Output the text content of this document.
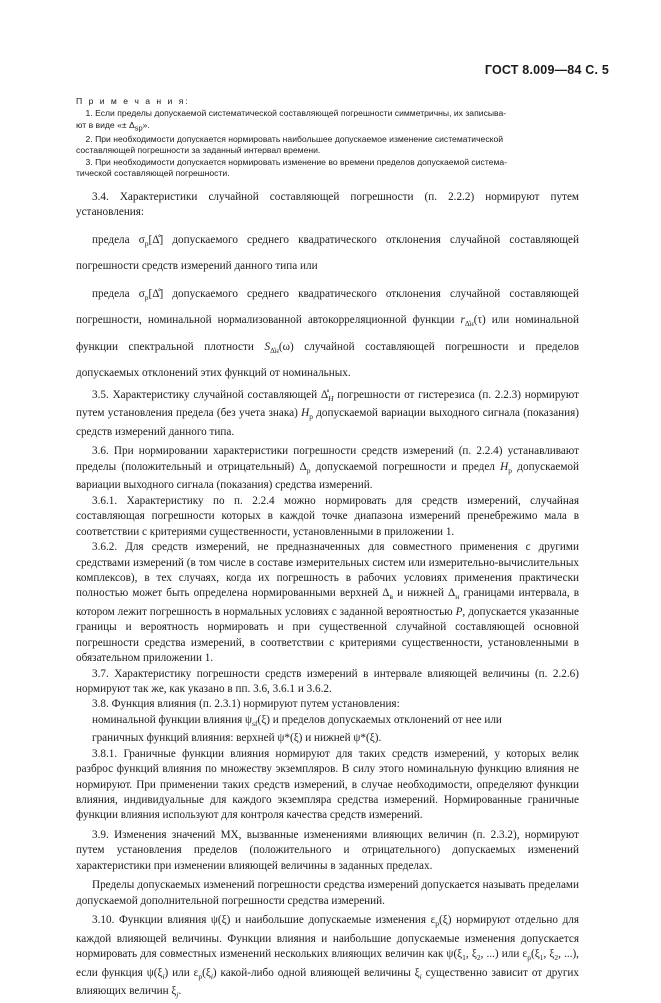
ГОСТ 8.009—84 С. 5

П р и м е ч а н и я:

1. Если пределы допускаемой систематической составляющей погрешности симметричны, их записыва-
ют в виде «± $\Delta_{sp}$».

2. При необходимости допускается нормировать наибольшее допускаемое изменение систематической
составляющей погрешности за заданный интервал времени.

3. При необходимости допускается нормировать изменение во времени пределов допускаемой система-
тической составляющей погрешности.

3.4. Характеристики случайной составляющей погрешности (п. 2.2.2) нормируют путем установления:

предела $\sigma_р[\Deltå]$ допускаемого среднего квадратического отклонения случайной составляющей погрешности средств измерений данного типа или

предела $\sigma_р[\Deltå]$ допускаемого среднего квадратического отклонения случайной составляющей погрешности, номинальной нормализованной автокорреляционной функции $r_{\Deltåн}(\tau)$ или номинальной функции спектральной плотности $S_{\Deltåн}(\omega)$ случайной составляющей погрешности и пределов допускаемых отклонений этих функций от номинальных.

3.5. Характеристику случайной составляющей $\Deltå_H$ погрешности от гистерезиса (п. 2.2.3) нормируют путем установления предела (без учета знака) $H_р$ допускаемой вариации выходного сигнала (показания) средств измерений данного типа.

3.6. При нормировании характеристики погрешности средств измерений (п. 2.2.4) устанавливают пределы (положительный и отрицательный) $\Delta_р$ допускаемой погрешности и предел $H_р$ допускаемой вариации выходного сигнала (показания) средства измерений.

3.6.1. Характеристику по п. 2.2.4 можно нормировать для средств измерений, случайная составляющая погрешности которых в каждой точке диапазона измерений пренебрежимо мала в соответствии с критериями существенности, установленными в приложении 1.

3.6.2. Для средств измерений, не предназначенных для совместного применения с другими средствами измерений (в том числе в составе измерительных систем или измерительно-вычислительных комплексов), в тех случаях, когда их погрешность в рабочих условиях применения практически полностью может быть определена нормированными верхней $\Delta_в$ и нижней $\Delta_н$ границами интервала, в котором лежит погрешность в нормальных условиях с заданной вероятностью P, допускается указанные границы и вероятность нормировать и при существенной случайной составляющей основной погрешности средства измерений, в соответствии с критериями существенности, установленными в обязательном приложении 1.

3.7. Характеристику погрешности средств измерений в интервале влияющей величины (п. 2.2.6) нормируют так же, как указано в пп. 3.6, 3.6.1 и 3.6.2.

3.8. Функция влияния (п. 2.3.1) нормируют путем установления:

номинальной функции влияния $\psi_{sf}(\xi)$ и пределов допускаемых отклонений от нее или

граничных функций влияния: верхней ψ*(ξ) и нижней ψ*(ξ).

3.8.1. Граничные функции влияния нормируют для таких средств измерений, у которых велик разброс функций влияния по множеству экземпляров. В силу этого номинальную функцию влияния не нормируют. При применении таких средств измерений, в случае необходимости, определяют функции влияния, индивидуальные для каждого экземпляра средства измерений. Нормированные граничные функции влияния используют для контроля качества средств измерений.

3.9. Изменения значений МХ, вызванные изменениями влияющих величин (п. 2.3.2), нормируют путем установления пределов (положительного и отрицательного) допускаемых изменений характеристики при изменении влияющей величины в заданных пределах.

Пределы допускаемых изменений погрешности средства измерений допускается называть пределами допускаемой дополнительной погрешности средства измерений.

3.10. Функции влияния ψ(ξ) и наибольшие допускаемые изменения $\varepsilon_р(\xi)$ нормируют отдельно для каждой влияющей величины. Функции влияния и наибольшие допускаемые изменения допускается нормировать для совместных изменений нескольких влияющих величин как $\psi(\xi_1$, $\xi_2$, ...) или $\varepsilon_р(\xi_1$, $\xi_2$, ...), если функция $\psi(\xi_i)$ или $\varepsilon_р(\xi_i)$ какой-либо одной влияющей величины $\xi_i$ существенно зависит от других влияющих величин $\xi_j$.
